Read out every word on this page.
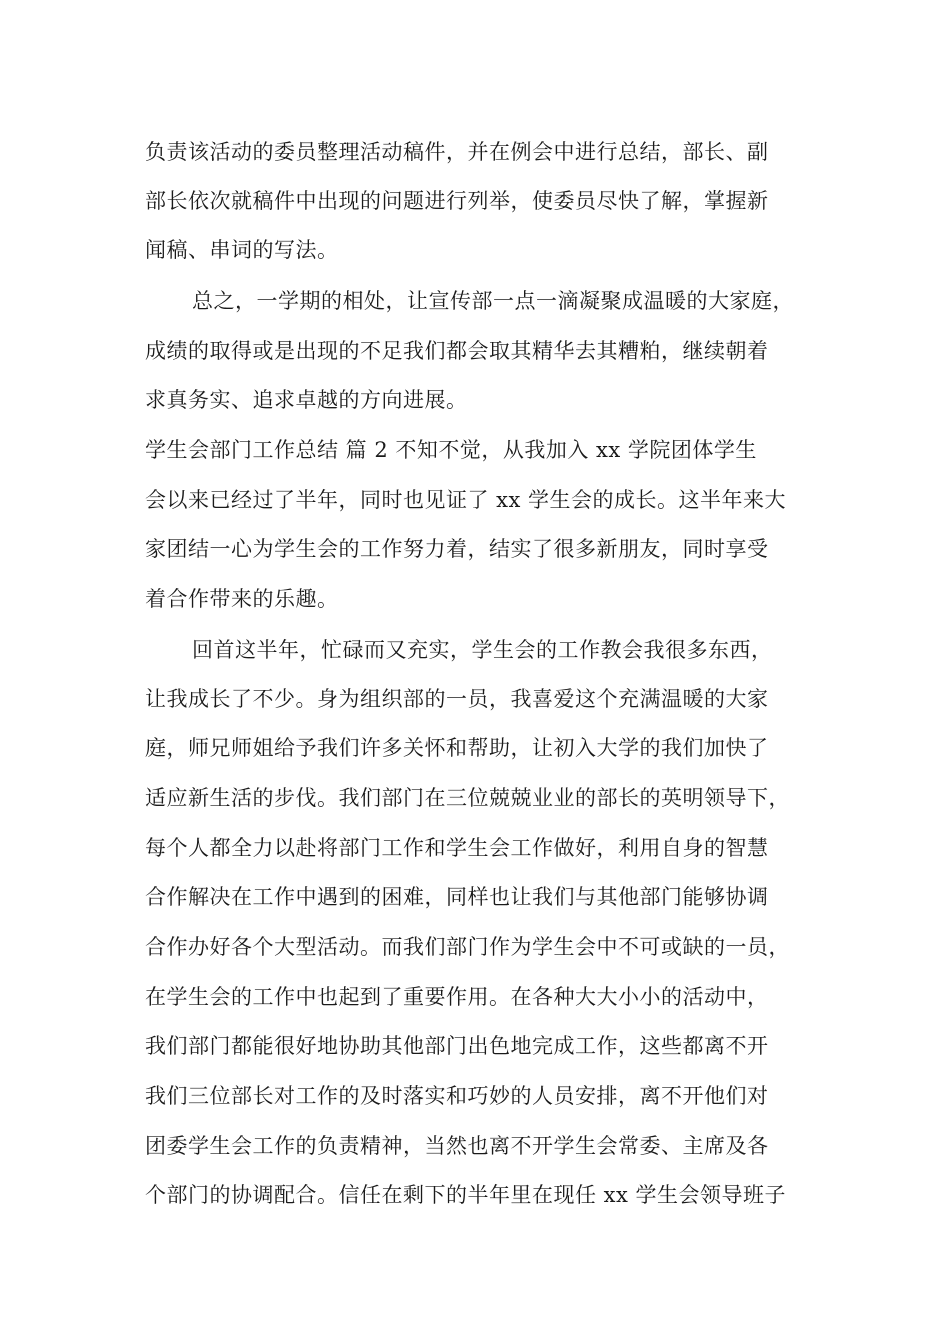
负责该活动的委员整理活动稿件，并在例会中进行总结，部长、副
部长依次就稿件中出现的问题进行列举，使委员尽快了解，掌握新
闻稿、串词的写法。
总之，一学期的相处，让宣传部一点一滴凝聚成温暖的大家庭，
成绩的取得或是出现的不足我们都会取其精华去其糟粕，继续朝着
求真务实、追求卓越的方向进展。
学生会部门工作总结 篇 2 不知不觉，从我加入 xx 学院团体学生
会以来已经过了半年，同时也见证了 xx 学生会的成长。这半年来大
家团结一心为学生会的工作努力着，结实了很多新朋友，同时享受
着合作带来的乐趣。
回首这半年，忙碌而又充实，学生会的工作教会我很多东西，
让我成长了不少。身为组织部的一员，我喜爱这个充满温暖的大家
庭，师兄师姐给予我们许多关怀和帮助，让初入大学的我们加快了
适应新生活的步伐。我们部门在三位兢兢业业的部长的英明领导下，
每个人都全力以赴将部门工作和学生会工作做好，利用自身的智慧
合作解决在工作中遇到的困难，同样也让我们与其他部门能够协调
合作办好各个大型活动。而我们部门作为学生会中不可或缺的一员，
在学生会的工作中也起到了重要作用。在各种大大小小的活动中，
我们部门都能很好地协助其他部门出色地完成工作，这些都离不开
我们三位部长对工作的及时落实和巧妙的人员安排，离不开他们对
团委学生会工作的负责精神，当然也离不开学生会常委、主席及各
个部门的协调配合。信任在剩下的半年里在现任 xx 学生会领导班子
